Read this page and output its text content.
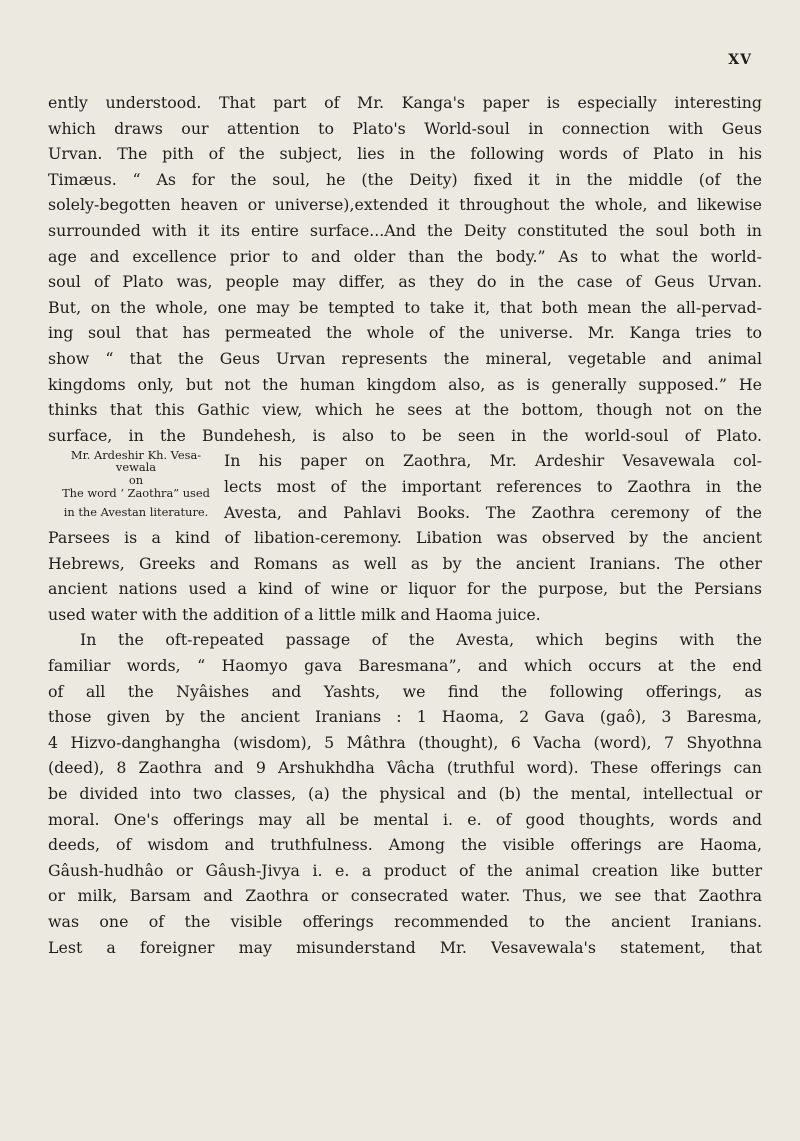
XV
ently understood. That part of Mr. Kanga's paper is especially interesting
which draws our attention to Plato's World-soul in connection with Geus
Urvan. The pith of the subject, lies in the following words of Plato in his
Timæus. “ As for the soul, he (the Deity) fixed it in the middle (of the
solely-begotten heaven or universe),extended it throughout the whole, and likewise
surrounded with it its entire surface...And the Deity constituted the soul both in
age and excellence prior to and older than the body.” As to what the world-
soul of Plato was, people may differ, as they do in the case of Geus Urvan.
But, on the whole, one may be tempted to take it, that both mean the all-pervad-
ing soul that has permeated the whole of the universe. Mr. Kanga tries to
show “ that the Geus Urvan represents the mineral, vegetable and animal
kingdoms only, but not the human kingdom also, as is generally supposed.” He
thinks that this Gathic view, which he sees at the bottom, though not on the
surface, in the Bundehesh, is also to be seen in the world-soul of Plato.
Mr. Ardeshir Kh. Vesa-
vewala	In his paper on Zaothra, Mr. Ardeshir Vesavewala col-
on
The word ‘ Zaothra” used lects most of the important references to Zaothra in the
in the Avestan literature. Avesta, and Pahlavi Books. The Zaothra ceremony of the
Parsees is a kind of libation-ceremony. Libation was observed by the ancient
Hebrews, Greeks and Romans as well as by the ancient Iranians. The other
ancient nations used a kind of wine or liquor for the purpose, but the Persians
used water with the addition of a little milk and Haoma juice.
In the oft-repeated passage of the Avesta, which begins with the
familiar words, “ Haomyo gava Baresmana”, and which occurs at the end
of all the Nyâishes and Yashts, we find the following offerings, as
those given by the ancient Iranians : 1 Haoma, 2 Gava (gaô), 3 Baresma,
4 Hizvo-danghangha (wisdom), 5 Mâthra (thought), 6 Vacha (word), 7 Shyothna
(deed), 8 Zaothra and 9 Arshukhdha Vâcha (truthful word). These offerings can
be divided into two classes, (a) the physical and (b) the mental, intellectual or
moral. One's offerings may all be mental i. e. of good thoughts, words and
deeds, of wisdom and truthfulness. Among the visible offerings are Haoma,
Gâush-hudhâo or Gâush-Jivya i. e. a product of the animal creation like butter
or milk, Barsam and Zaothra or consecrated water. Thus, we see that Zaothra
was one of the visible offerings recommended to the ancient Iranians.
Lest a foreigner may misunderstand Mr. Vesavewala's statement, that
